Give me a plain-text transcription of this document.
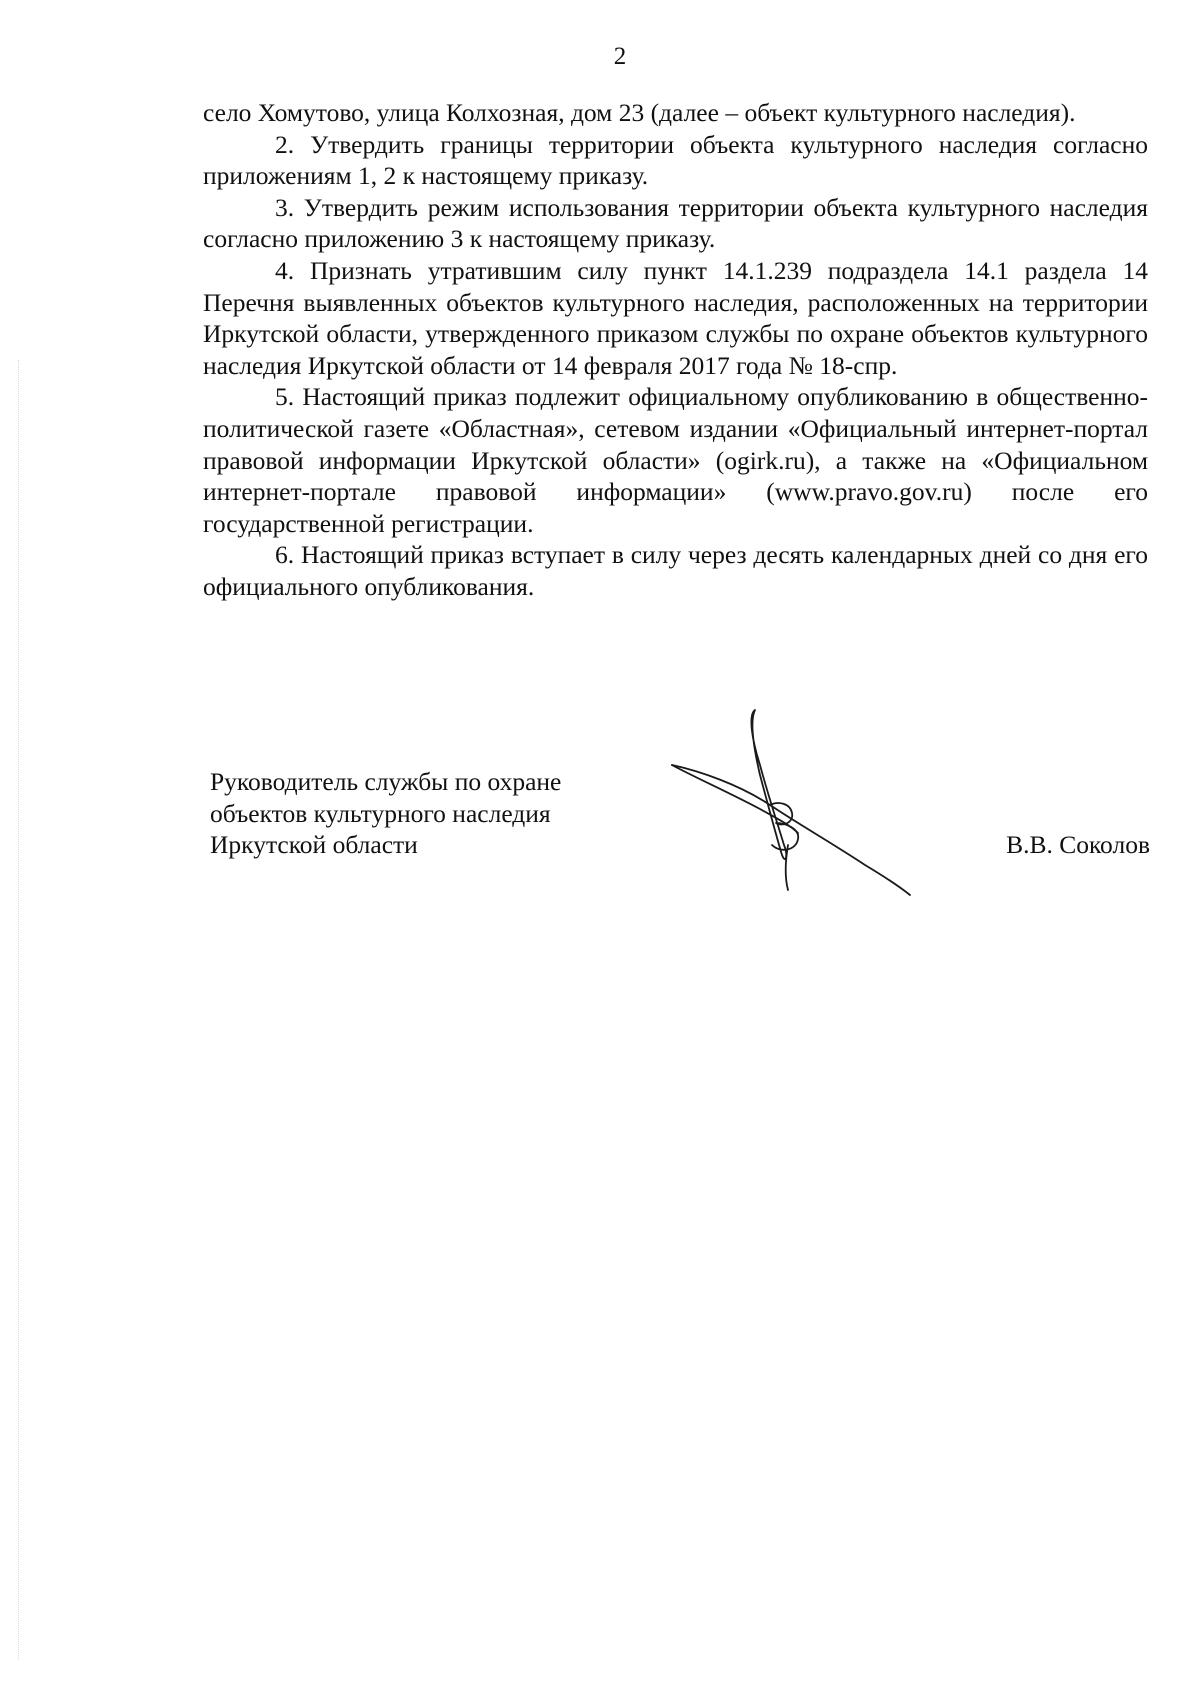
2

село Хомутово, улица Колхозная, дом 23 (далее – объект культурного наследия).

2. Утвердить границы территории объекта культурного наследия согласно приложениям 1, 2 к настоящему приказу.

3. Утвердить режим использования территории объекта культурного наследия согласно приложению 3 к настоящему приказу.

4. Признать утратившим силу пункт 14.1.239 подраздела 14.1 раздела 14 Перечня выявленных объектов культурного наследия, расположенных на территории Иркутской области, утвержденного приказом службы по охране объектов культурного наследия Иркутской области от 14 февраля 2017 года № 18-спр.

5. Настоящий приказ подлежит официальному опубликованию в общественно-политической газете «Областная», сетевом издании «Официальный интернет-портал правовой информации Иркутской области» (ogirk.ru), а также на «Официальном интернет-портале правовой информации» (www.pravo.gov.ru) после его государственной регистрации.

6. Настоящий приказ вступает в силу через десять календарных дней со дня его официального опубликования.

Руководитель службы по охране
объектов культурного наследия
Иркутской области	В.В. Соколов
